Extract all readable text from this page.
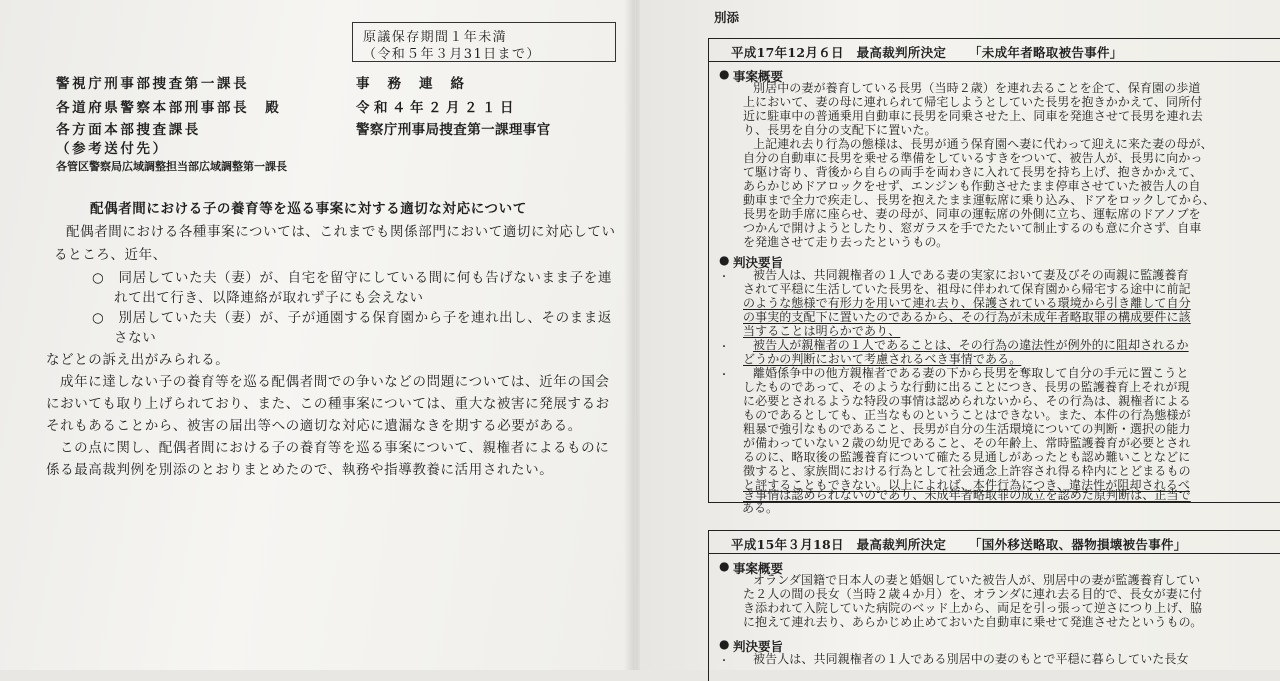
原議保存期間１年未満
（令和５年３月31日まで）
警視庁刑事部捜査第一課長
各道府県警察本部刑事部長　殿
各方面本部捜査課長
（参考送付先）
各管区警察局広域調整担当部広域調整第一課長
事務連絡
令和４年２月２１日
警察庁刑事局捜査第一課理事官
配偶者間における子の養育等を巡る事案に対する適切な対応について
配偶者間における各種事案については、これまでも関係部門において適切に対応してい
るところ、近年、
○　同居していた夫（妻）が、自宅を留守にしている間に何も告げないまま子を連
れて出て行き、以降連絡が取れず子にも会えない
○　別居していた夫（妻）が、子が通園する保育園から子を連れ出し、そのまま返
さない
などとの訴え出がみられる。
成年に達しない子の養育等を巡る配偶者間での争いなどの問題については、近年の国会
においても取り上げられており、また、この種事案については、重大な被害に発展するお
それもあることから、被害の届出等への適切な対応に遺漏なきを期する必要がある。
この点に関し、配偶者間における子の養育等を巡る事案について、親権者によるものに
係る最高裁判例を別添のとおりまとめたので、執務や指導教養に活用されたい。
別添
平成17年12月６日　最高裁判所決定 「未成年者略取被告事件」
● 事案概要
別居中の妻が養育している長男（当時２歳）を連れ去ることを企て、保育園の歩道
上において、妻の母に連れられて帰宅しようとしていた長男を抱きかかえて、同所付
近に駐車中の普通乗用自動車に長男を同乗させた上、同車を発進させて長男を連れ去
り、長男を自分の支配下に置いた。
上記連れ去り行為の態様は、長男が通う保育園へ妻に代わって迎えに来た妻の母が、
自分の自動車に長男を乗せる準備をしているすきをついて、被告人が、長男に向かっ
て駆け寄り、背後から自らの両手を両わきに入れて長男を持ち上げ、抱きかかえて、
あらかじめドアロックをせず、エンジンも作動させたまま停車させていた被告人の自
動車まで全力で疾走し、長男を抱えたまま運転席に乗り込み、ドアをロックしてから、
長男を助手席に座らせ、妻の母が、同車の運転席の外側に立ち、運転席のドアノブを
つかんで開けようとしたり、窓ガラスを手でたたいて制止するのも意に介さず、自車
を発進させて走り去ったというもの。
● 判決要旨
・ 被告人は、共同親権者の１人である妻の実家において妻及びその両親に監護養育
されて平穏に生活していた長男を、祖母に伴われて保育園から帰宅する途中に前記
のような態様で有形力を用いて連れ去り、保護されている環境から引き離して自分
の事実的支配下に置いたのであるから、その行為が未成年者略取罪の構成要件に該
当することは明らかであり、
・ 被告人が親権者の１人であることは、その行為の違法性が例外的に阻却されるか
どうかの判断において考慮されるべき事情である。
・ 離婚係争中の他方親権者である妻の下から長男を奪取して自分の手元に置こうと
したものであって、そのような行動に出ることにつき、長男の監護養育上それが現
に必要とされるような特段の事情は認められないから、その行為は、親権者による
ものであるとしても、正当なものということはできない。また、本件の行為態様が
粗暴で強引なものであること、長男が自分の生活環境についての判断・選択の能力
が備わっていない２歳の幼児であること、その年齢上、常時監護養育が必要とされ
るのに、略取後の監護養育について確たる見通しがあったとも認め難いことなどに
徴すると、家族間における行為として社会通念上許容され得る枠内にとどまるもの
と評することもできない。以上によれば、本件行為につき、違法性が阻却されるべ
き事情は認められないのであり、未成年者略取罪の成立を認めた原判断は、正当で
ある。
平成15年３月18日　最高裁判所決定 「国外移送略取、器物損壊被告事件」
● 事案概要
オランダ国籍で日本人の妻と婚姻していた被告人が、別居中の妻が監護養育してい
た２人の間の長女（当時２歳４か月）を、オランダに連れ去る目的で、長女が妻に付
き添われて入院していた病院のベッド上から、両足を引っ張って逆さにつり上げ、脇
に抱えて連れ去り、あらかじめ止めておいた自動車に乗せて発進させたというもの。
● 判決要旨
・ 被告人は、共同親権者の１人である別居中の妻のもとで平穏に暮らしていた長女
